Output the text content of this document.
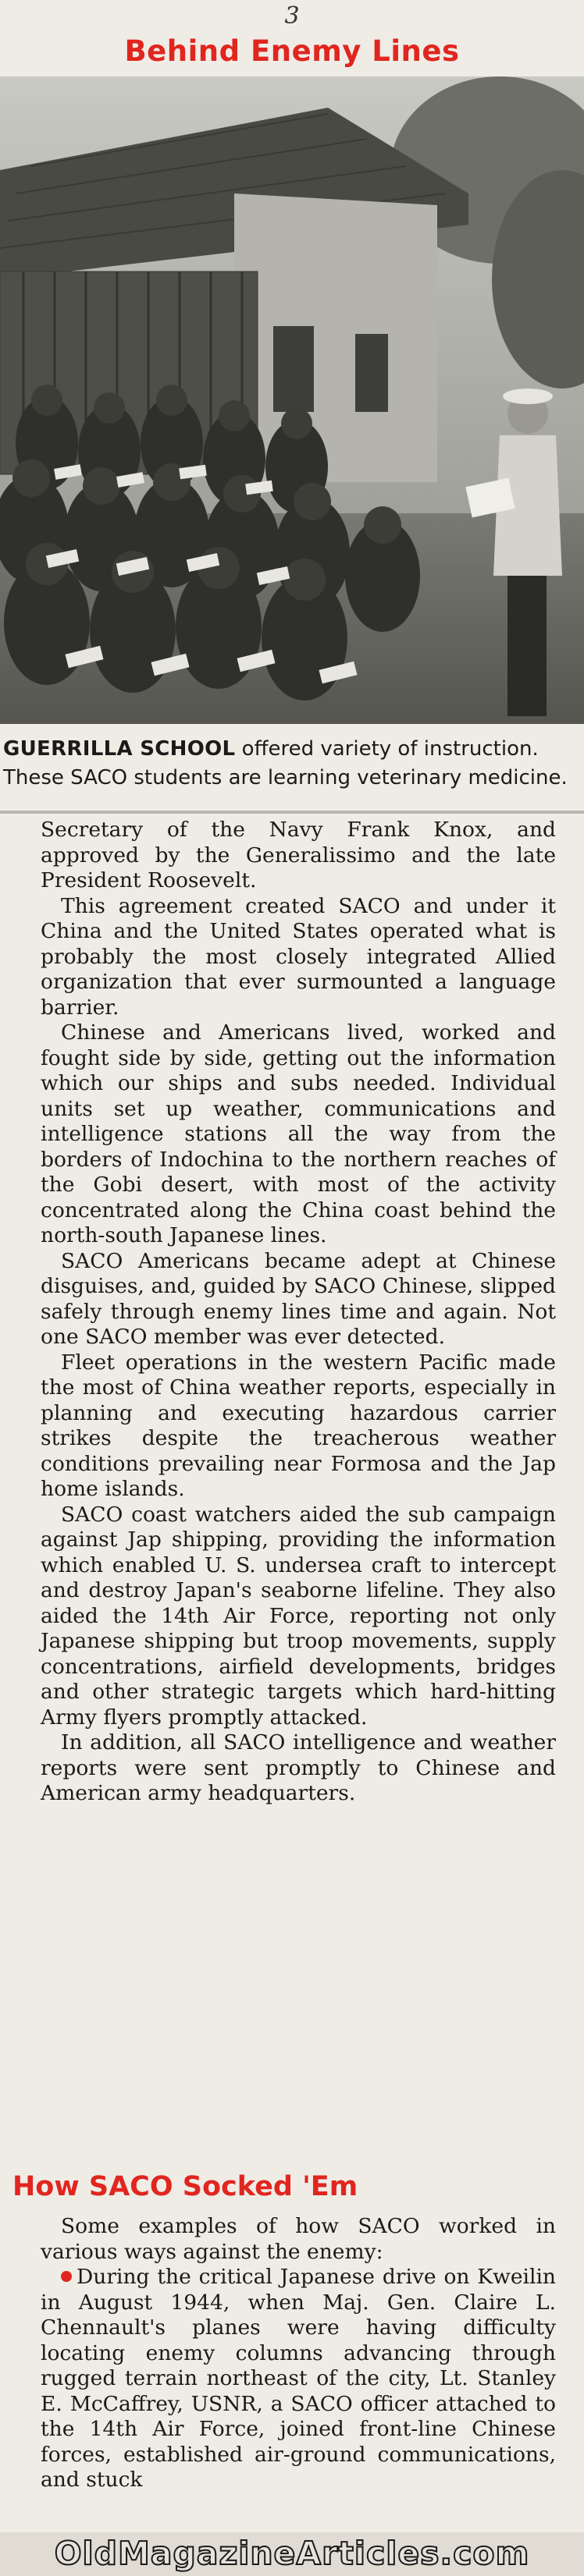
3
Behind Enemy Lines

GUERRILLA SCHOOL offered variety of instruction. These SACO students are learning veterinary medicine.

Secretary of the Navy Frank Knox, and approved by the Generalissimo and the late President Roosevelt.

This agreement created SACO and under it China and the United States operated what is probably the most closely integrated Allied organization that ever surmounted a language barrier.

Chinese and Americans lived, worked and fought side by side, getting out the information which our ships and subs needed. Individual units set up weather, communications and intelligence stations all the way from the borders of Indochina to the northern reaches of the Gobi desert, with most of the activity concentrated along the China coast behind the north-south Japanese lines.

SACO Americans became adept at Chinese disguises, and, guided by SACO Chinese, slipped safely through enemy lines time and again. Not one SACO member was ever detected.

Fleet operations in the western Pacific made the most of China weather reports, especially in planning and executing hazardous carrier strikes despite the treacherous weather conditions prevailing near Formosa and the Jap home islands.

SACO coast watchers aided the sub campaign against Jap shipping, providing the information which enabled U. S. undersea craft to intercept and destroy Japan's seaborne lifeline. They also aided the 14th Air Force, reporting not only Japanese shipping but troop movements, supply concentrations, airfield developments, bridges and other strategic targets which hard-hitting Army flyers promptly attacked.

In addition, all SACO intelligence and weather reports were sent promptly to Chinese and American army headquarters.

How SACO Socked 'Em

Some examples of how SACO worked in various ways against the enemy:

During the critical Japanese drive on Kweilin in August 1944, when Maj. Gen. Claire L. Chennault's planes were having difficulty locating enemy columns advancing through rugged terrain northeast of the city, Lt. Stanley E. McCaffrey, USNR, a SACO officer attached to the 14th Air Force, joined front-line Chinese forces, established air-ground communications, and stuck

OldMagazineArticles.com
